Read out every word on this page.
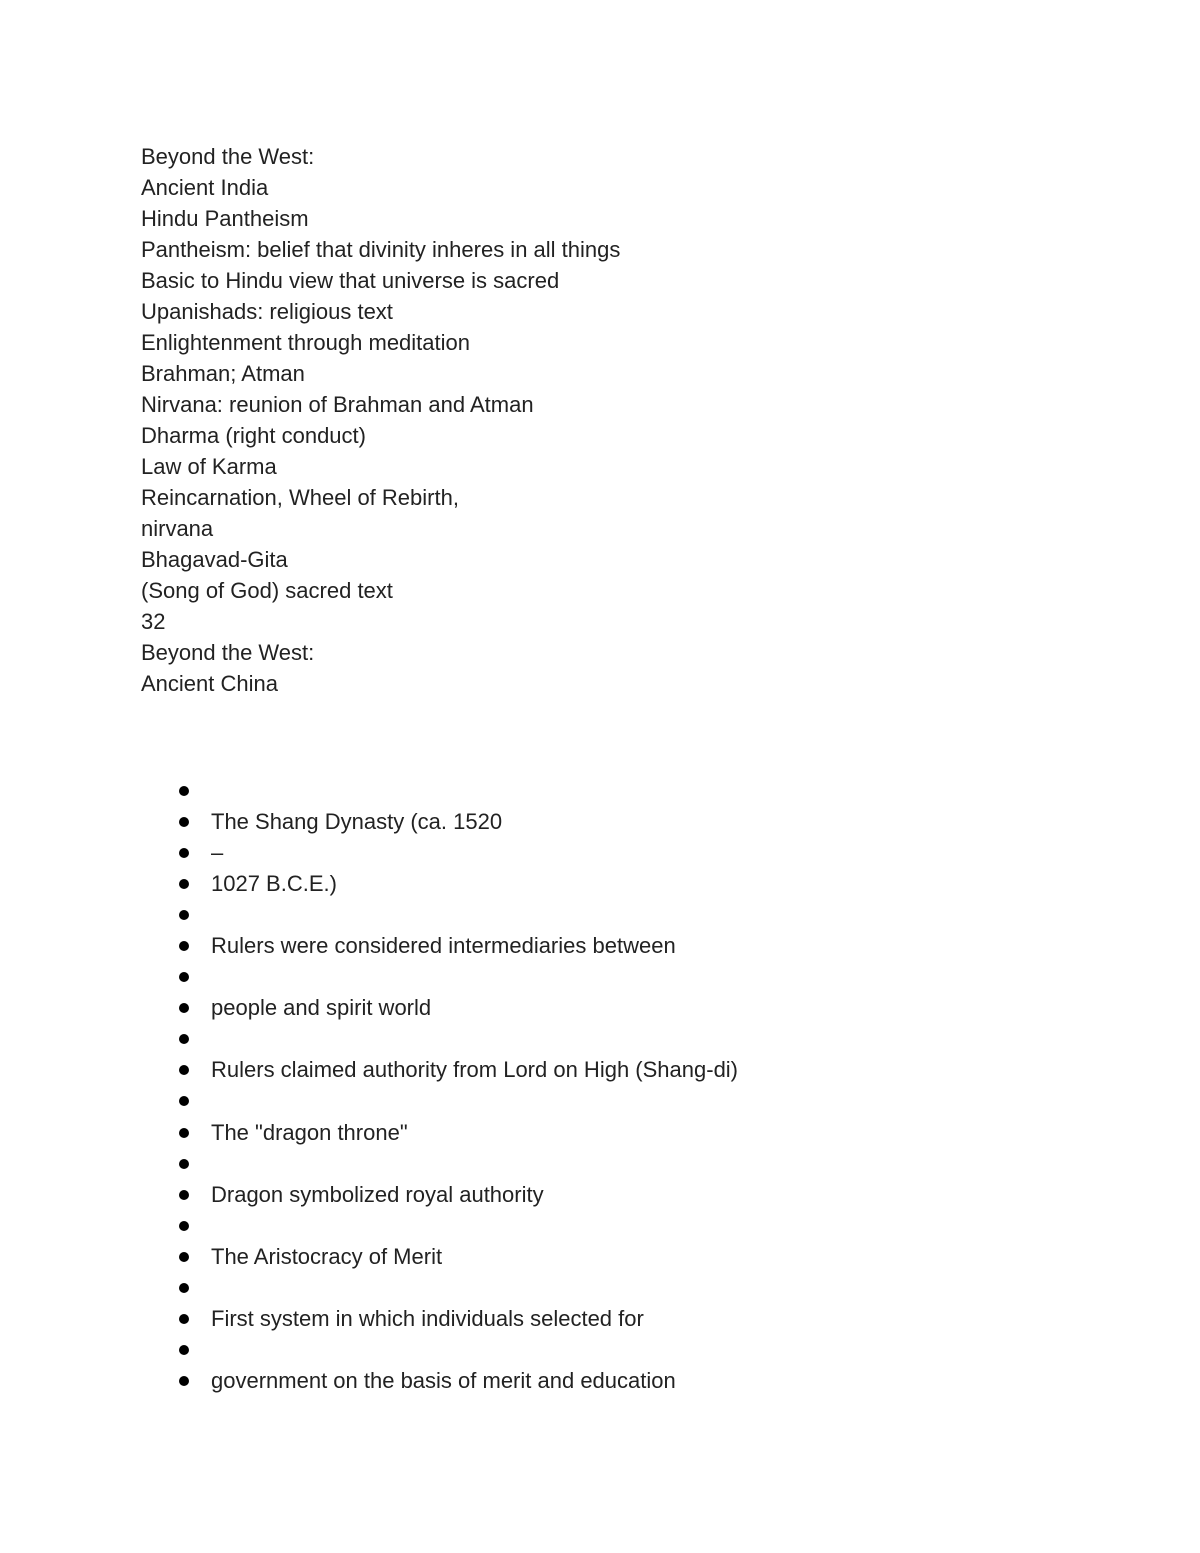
Beyond the West:
Ancient India
Hindu Pantheism
Pantheism: belief that divinity inheres in all things
Basic to Hindu view that universe is sacred
Upanishads: religious text
Enlightenment through meditation
Brahman; Atman
Nirvana: reunion of Brahman and Atman
Dharma (right conduct)
Law of Karma
Reincarnation, Wheel of Rebirth,
nirvana
Bhagavad-Gita
(Song of God) sacred text
32
Beyond the West:
Ancient China
The Shang Dynasty (ca. 1520
–
1027 B.C.E.)
Rulers were considered intermediaries between
people and spirit world
Rulers claimed authority from Lord on High (Shang-di)
The "dragon throne"
Dragon symbolized royal authority
The Aristocracy of Merit
First system in which individuals selected for
government on the basis of merit and education
